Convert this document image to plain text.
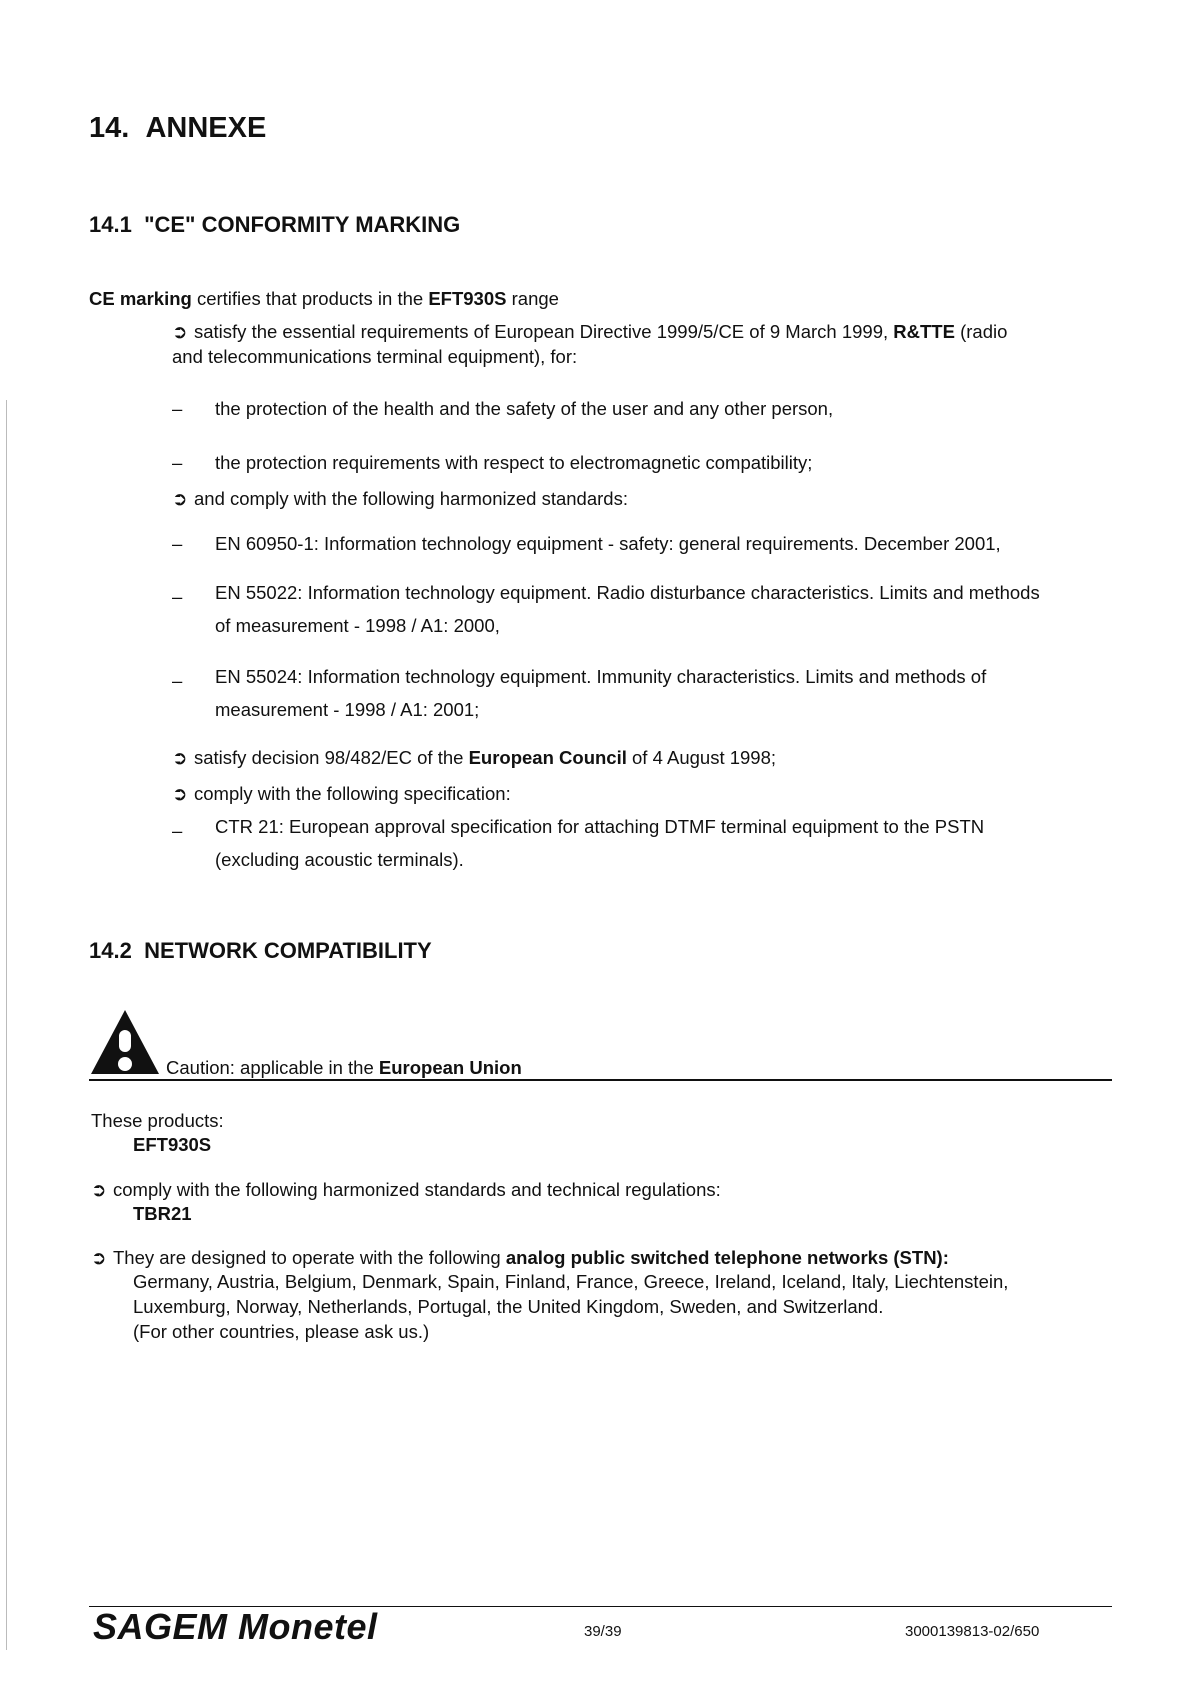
14. ANNEXE
14.1 "CE" CONFORMITY MARKING
CE marking certifies that products in the EFT930S range
➲ satisfy the essential requirements of European Directive 1999/5/CE of 9 March 1999, R&TTE (radio
and telecommunications terminal equipment), for:
– the protection of the health and the safety of the user and any other person,
– the protection requirements with respect to electromagnetic compatibility;
➲ and comply with the following harmonized standards:
– EN 60950-1: Information technology equipment - safety: general requirements. December 2001,
– EN 55022: Information technology equipment. Radio disturbance characteristics. Limits and methods
of measurement - 1998 / A1: 2000,
– EN 55024: Information technology equipment. Immunity characteristics. Limits and methods of
measurement - 1998 / A1: 2001;
➲ satisfy decision 98/482/EC of the European Council of 4 August 1998;
➲ comply with the following specification:
– CTR 21: European approval specification for attaching DTMF terminal equipment to the PSTN
(excluding acoustic terminals).
14.2 NETWORK COMPATIBILITY
Caution: applicable in the European Union
These products:
EFT930S
➲ comply with the following harmonized standards and technical regulations:
TBR21
➲ They are designed to operate with the following analog public switched telephone networks (STN):
Germany, Austria, Belgium, Denmark, Spain, Finland, France, Greece, Ireland, Iceland, Italy, Liechtenstein,
Luxemburg, Norway, Netherlands, Portugal, the United Kingdom, Sweden, and Switzerland.
(For other countries, please ask us.)
SAGEM Monetel	39/39	3000139813-02/650
